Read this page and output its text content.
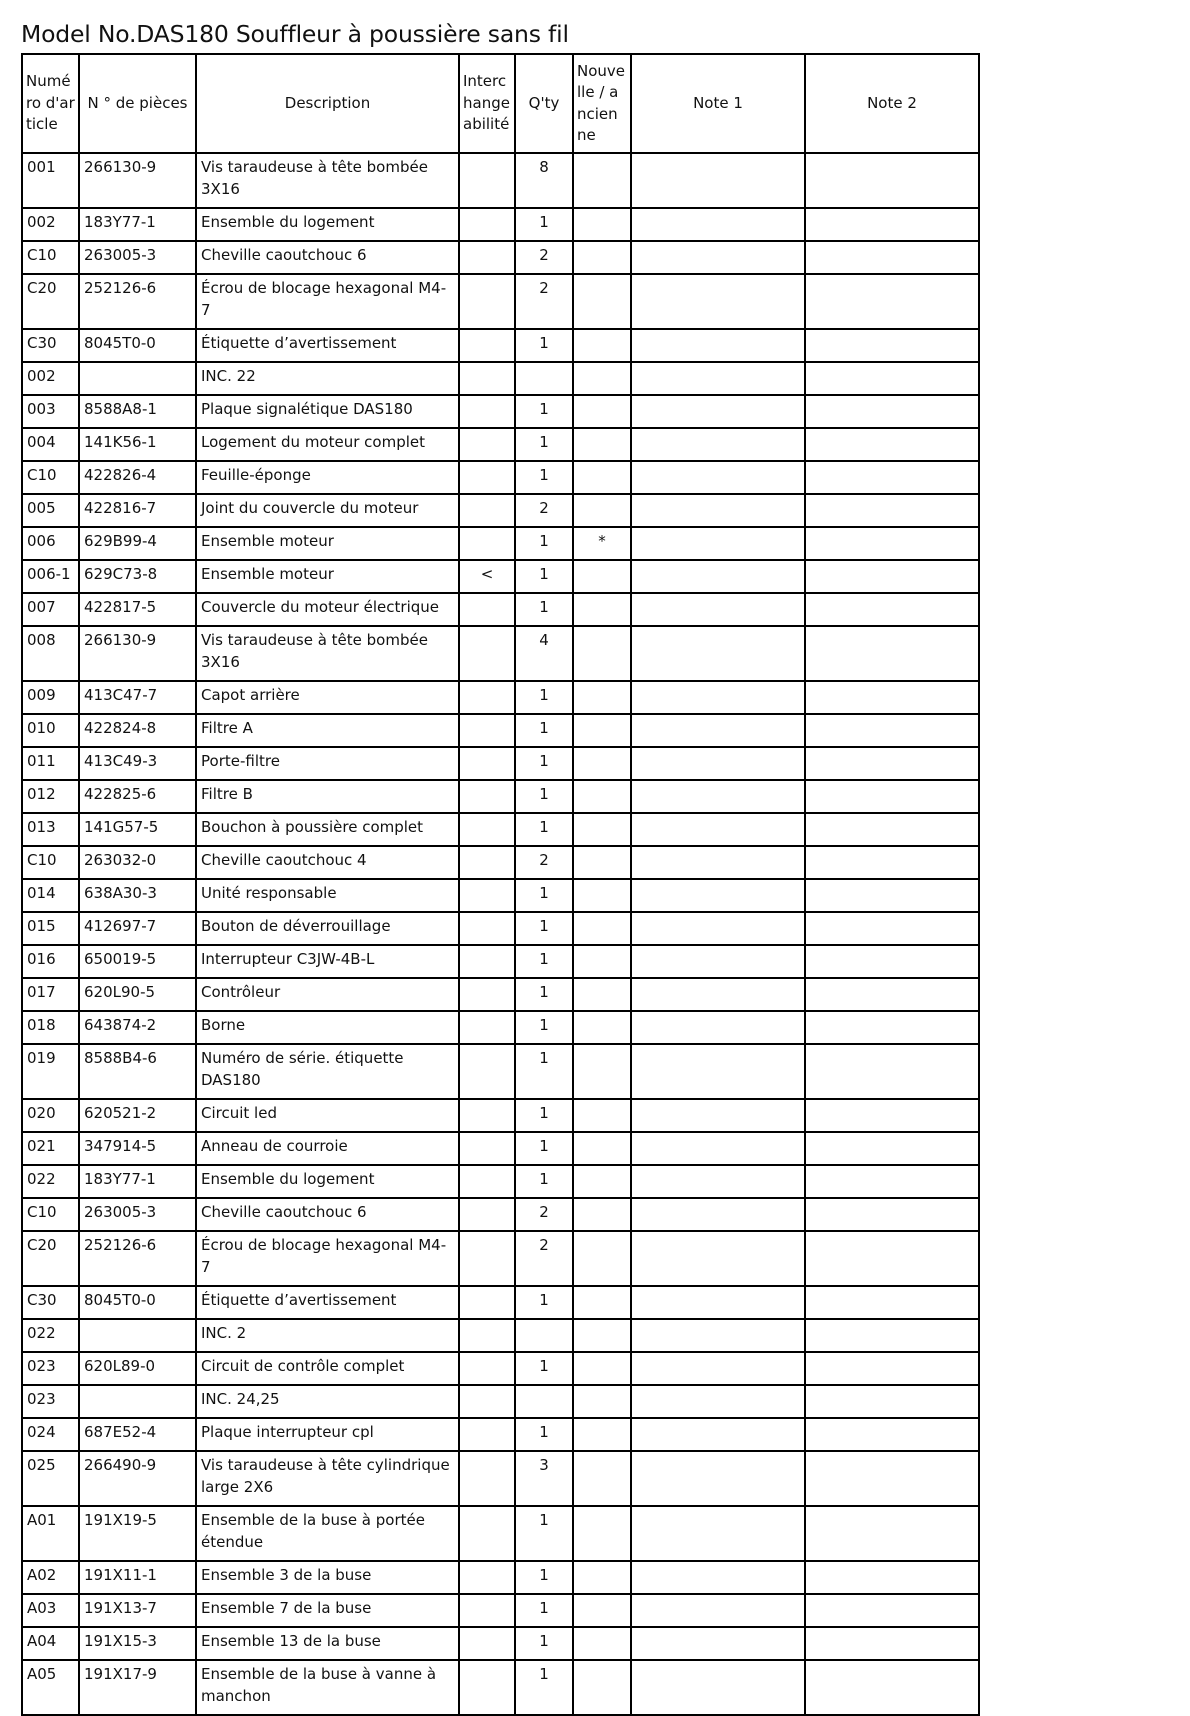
Model No.DAS180 Souffleur à poussière sans fil
Numéro d'article	N ° de pièces	Description	Interchangeabilité	Q'ty	Nouvelle / ancienne	Note 1	Note 2
001	266130-9	Vis taraudeuse à tête bombée 3X16		8			
002	183Y77-1	Ensemble du logement		1			
C10	263005-3	Cheville caoutchouc 6		2			
C20	252126-6	Écrou de blocage hexagonal M4-7		2			
C30	8045T0-0	Étiquette d’avertissement		1			
002		INC. 22					
003	8588A8-1	Plaque signalétique DAS180		1			
004	141K56-1	Logement du moteur complet		1			
C10	422826-4	Feuille-éponge		1			
005	422816-7	Joint du couvercle du moteur		2			
006	629B99-4	Ensemble moteur		1	*		
006-1	629C73-8	Ensemble moteur	<	1			
007	422817-5	Couvercle du moteur électrique		1			
008	266130-9	Vis taraudeuse à tête bombée 3X16		4			
009	413C47-7	Capot arrière		1			
010	422824-8	Filtre A		1			
011	413C49-3	Porte-filtre		1			
012	422825-6	Filtre B		1			
013	141G57-5	Bouchon à poussière complet		1			
C10	263032-0	Cheville caoutchouc 4		2			
014	638A30-3	Unité responsable		1			
015	412697-7	Bouton de déverrouillage		1			
016	650019-5	Interrupteur C3JW-4B-L		1			
017	620L90-5	Contrôleur		1			
018	643874-2	Borne		1			
019	8588B4-6	Numéro de série. étiquette DAS180		1			
020	620521-2	Circuit led		1			
021	347914-5	Anneau de courroie		1			
022	183Y77-1	Ensemble du logement		1			
C10	263005-3	Cheville caoutchouc 6		2			
C20	252126-6	Écrou de blocage hexagonal M4-7		2			
C30	8045T0-0	Étiquette d’avertissement		1			
022		INC. 2					
023	620L89-0	Circuit de contrôle complet		1			
023		INC. 24,25					
024	687E52-4	Plaque interrupteur cpl		1			
025	266490-9	Vis taraudeuse à tête cylindrique large 2X6		3			
A01	191X19-5	Ensemble de la buse à portée étendue		1			
A02	191X11-1	Ensemble 3 de la buse		1			
A03	191X13-7	Ensemble 7 de la buse		1			
A04	191X15-3	Ensemble 13 de la buse		1			
A05	191X17-9	Ensemble de la buse à vanne à manchon		1			
